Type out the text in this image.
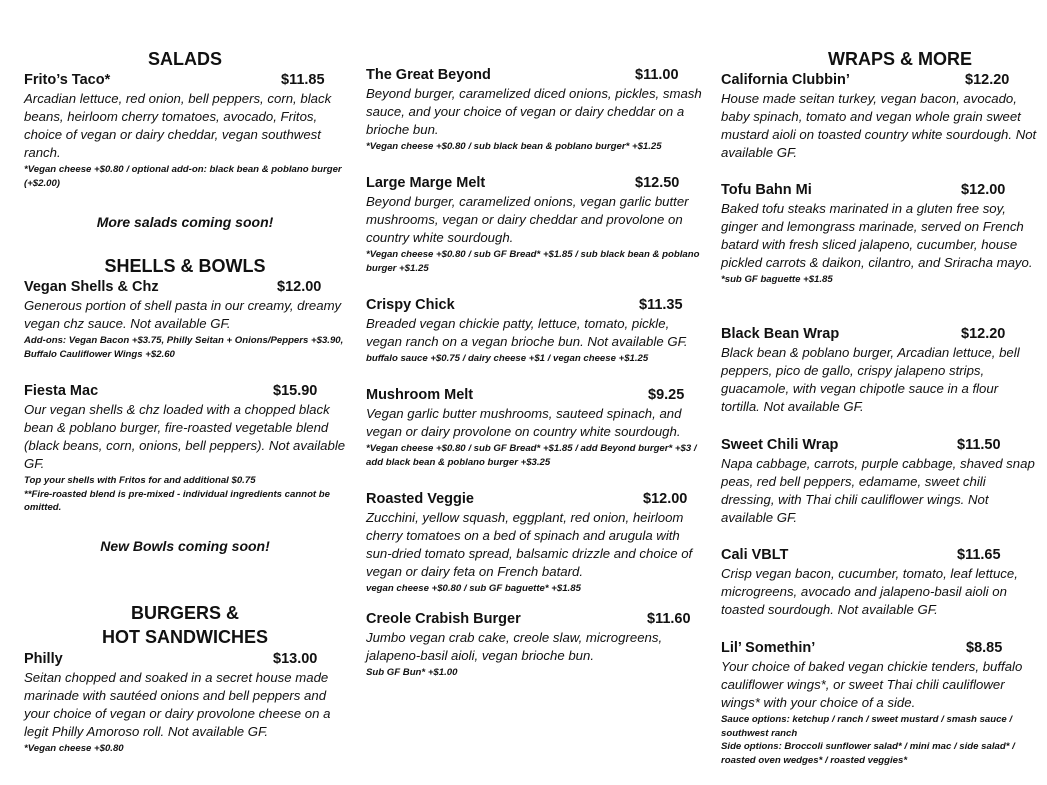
SALADS
Frito’s Taco*	$11.85
Arcadian lettuce, red onion, bell peppers, corn, black beans, heirloom cherry tomatoes, avocado, Fritos, choice of vegan or dairy cheddar, vegan southwest ranch.
*Vegan cheese +$0.80 / optional add-on: black bean & poblano burger (+$2.00)
More salads coming soon!
SHELLS & BOWLS
Vegan Shells & Chz	$12.00
Generous portion of shell pasta in our creamy, dreamy vegan chz sauce. Not available GF.
Add-ons: Vegan Bacon +$3.75, Philly Seitan + Onions/Peppers +$3.90, Buffalo Cauliflower Wings +$2.60
Fiesta Mac	$15.90
Our vegan shells & chz loaded with a chopped black bean & poblano burger, fire-roasted vegetable blend (black beans, corn, onions, bell peppers). Not available GF.
Top your shells with Fritos for and additional $0.75
**Fire-roasted blend is pre-mixed - individual ingredients cannot be omitted.
New Bowls coming soon!
BURGERS &
HOT SANDWICHES
Philly	$13.00
Seitan chopped and soaked in a secret house made marinade with sautéed onions and bell peppers and your choice of vegan or dairy provolone cheese on a legit Philly Amoroso roll. Not available GF.
*Vegan cheese +$0.80
The Great Beyond	$11.00
Beyond burger, caramelized diced onions, pickles, smash sauce, and your choice of vegan or dairy cheddar on a brioche bun.
*Vegan cheese +$0.80 / sub black bean & poblano burger* +$1.25
Large Marge Melt	$12.50
Beyond burger, caramelized onions, vegan garlic butter mushrooms, vegan or dairy cheddar and provolone on country white sourdough.
*Vegan cheese +$0.80 / sub GF Bread* +$1.85 / sub black bean & poblano burger +$1.25
Crispy Chick	$11.35
Breaded vegan chickie patty, lettuce, tomato, pickle, vegan ranch on a vegan brioche bun. Not available GF.
buffalo sauce +$0.75 / dairy cheese +$1 / vegan cheese +$1.25
Mushroom Melt	$9.25
Vegan garlic butter mushrooms, sauteed spinach, and vegan or dairy provolone on country white sourdough.
*Vegan cheese +$0.80 / sub GF Bread* +$1.85 / add Beyond burger* +$3 / add black bean & poblano burger +$3.25
Roasted Veggie	$12.00
Zucchini, yellow squash, eggplant, red onion, heirloom cherry tomatoes on a bed of spinach and arugula with sun-dried tomato spread, balsamic drizzle and choice of vegan or dairy feta on French batard.
vegan cheese +$0.80 / sub GF baguette* +$1.85
Creole Crabish Burger	$11.60
Jumbo vegan crab cake, creole slaw, microgreens, jalapeno-basil aioli, vegan brioche bun.
Sub GF Bun* +$1.00
WRAPS & MORE
California Clubbin’	$12.20
House made seitan turkey, vegan bacon, avocado, baby spinach, tomato and vegan whole grain sweet mustard aioli on toasted country white sourdough. Not available GF.
Tofu Bahn Mi	$12.00
Baked tofu steaks marinated in a gluten free soy, ginger and lemongrass marinade, served on French batard with fresh sliced jalapeno, cucumber, house pickled carrots & daikon, cilantro, and Sriracha mayo.
*sub GF baguette +$1.85
Black Bean Wrap	$12.20
Black bean & poblano burger, Arcadian lettuce, bell peppers, pico de gallo, crispy jalapeno strips, guacamole, with vegan chipotle sauce in a flour tortilla. Not available GF.
Sweet Chili Wrap	$11.50
Napa cabbage, carrots, purple cabbage, shaved snap peas, red bell peppers, edamame, sweet chili dressing, with Thai chili cauliflower wings. Not available GF.
Cali VBLT	$11.65
Crisp vegan bacon, cucumber, tomato, leaf lettuce, microgreens, avocado and jalapeno-basil aioli on toasted sourdough. Not available GF.
Lil’ Somethin’	$8.85
Your choice of baked vegan chickie tenders, buffalo cauliflower wings*, or sweet Thai chili cauliflower wings* with your choice of a side.
Sauce options: ketchup / ranch / sweet mustard / smash sauce / southwest ranch
Side options: Broccoli sunflower salad* / mini mac / side salad* / roasted oven wedges* / roasted veggies*
